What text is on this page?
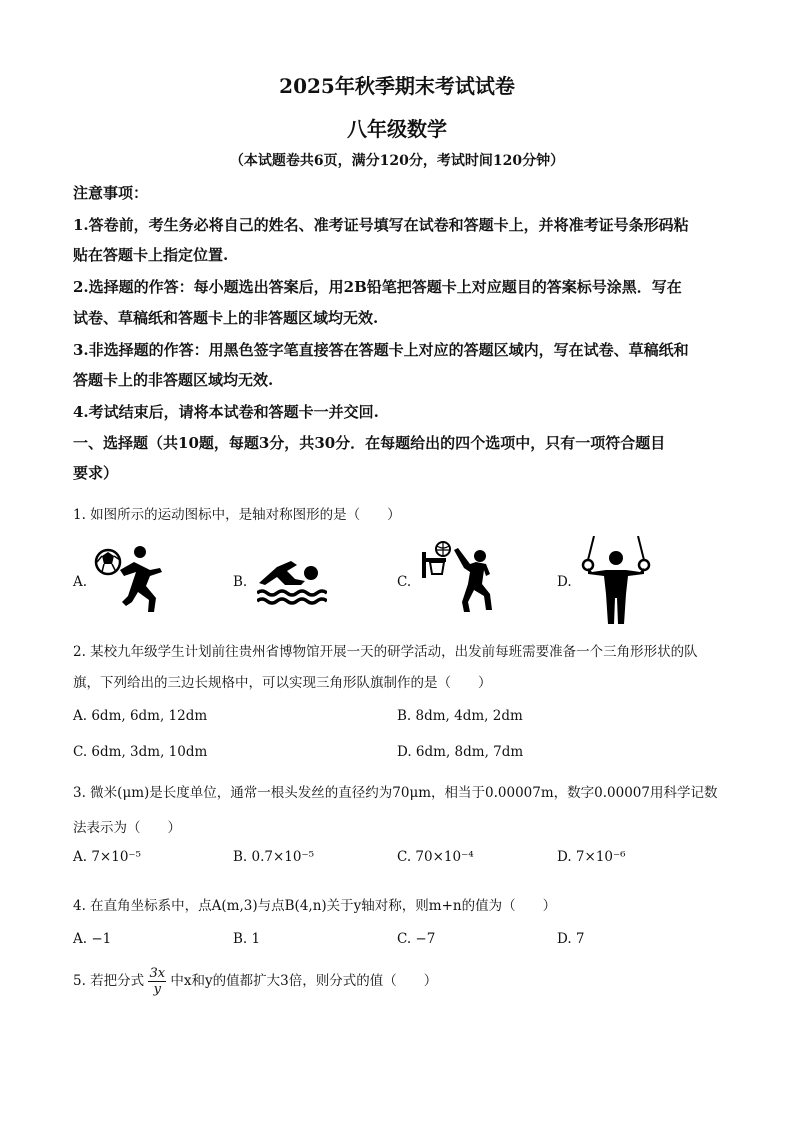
2025年秋季期末考试试卷
八年级数学
（本试题卷共6页，满分120分，考试时间120分钟）
注意事项：
1.答卷前，考生务必将自己的姓名、准考证号填写在试卷和答题卡上，并将准考证号条形码粘
贴在答题卡上指定位置.
2.选择题的作答：每小题选出答案后，用2B铅笔把答题卡上对应题目的答案标号涂黑．写在
试卷、草稿纸和答题卡上的非答题区域均无效.
3.非选择题的作答：用黑色签字笔直接答在答题卡上对应的答题区域内，写在试卷、草稿纸和
答题卡上的非答题区域均无效.
4.考试结束后，请将本试卷和答题卡一并交回.
一、选择题（共10题，每题3分，共30分．在每题给出的四个选项中，只有一项符合题目
要求）
1. 如图所示的运动图标中，是轴对称图形的是（　　）
A.	B.	C.	D.
2. 某校九年级学生计划前往贵州省博物馆开展一天的研学活动，出发前每班需要准备一个三角形形状的队
旗，下列给出的三边长规格中，可以实现三角形队旗制作的是（　　）
A. 6dm, 6dm, 12dm	B. 8dm, 4dm, 2dm
C. 6dm, 3dm, 10dm	D. 6dm, 8dm, 7dm
3. 微米(μm)是长度单位，通常一根头发丝的直径约为70μm，相当于0.00007m，数字0.00007用科学记数
法表示为（　　）
A. 7×10⁻⁵	B. 0.7×10⁻⁵	C. 70×10⁻⁴	D. 7×10⁻⁶
4. 在直角坐标系中，点A(m,3)与点B(4,n)关于y轴对称，则m+n的值为（　　）
A. −1	B. 1	C. −7	D. 7
5. 若把分式 $\frac{3x}{y}$ 中x和y的值都扩大3倍，则分式的值（　　）
